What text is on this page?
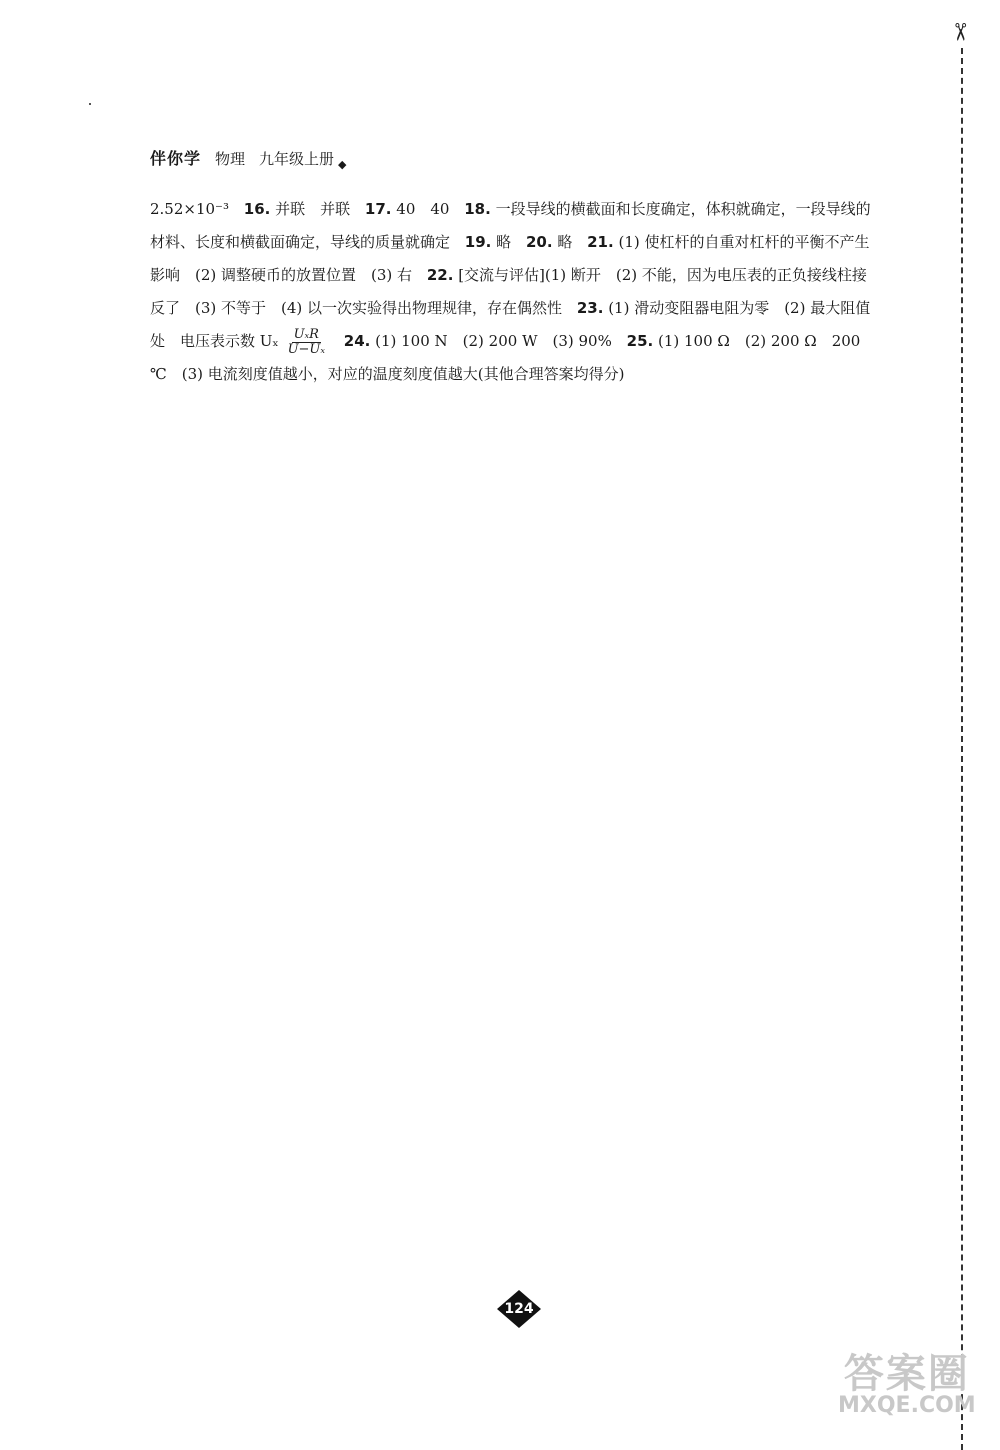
✂
伴你学 物理 九年级上册 ◆
2.52×10⁻³ 16. 并联　并联 17. 40　40 18. 一段导线的横截面和长度确定，体积就确定，一段导线的材料、长度和横截面确定，导线的质量就确定 19. 略 20. 略 21. (1) 使杠杆的自重对杠杆的平衡不产生影响　(2) 调整硬币的放置位置　(3) 右 22. [交流与评估](1) 断开　(2) 不能，因为电压表的正负接线柱接反了　(3) 不等于　(4) 以一次实验得出物理规律，存在偶然性 23. (1) 滑动变阻器电阻为零　(2) 最大阻值处　电压表示数 Uₓ $\frac{\text{UₓR}}{\text{U−Uₓ}} 24$. (1) 100 N　(2) 200 W　(3) 90% 25. (1) 100 Ω　(2) 200 Ω　200 ℃　(3) 电流刻度值越小，对应的温度刻度值越大(其他合理答案均得分)
124
答案圈
MXQE.COM
